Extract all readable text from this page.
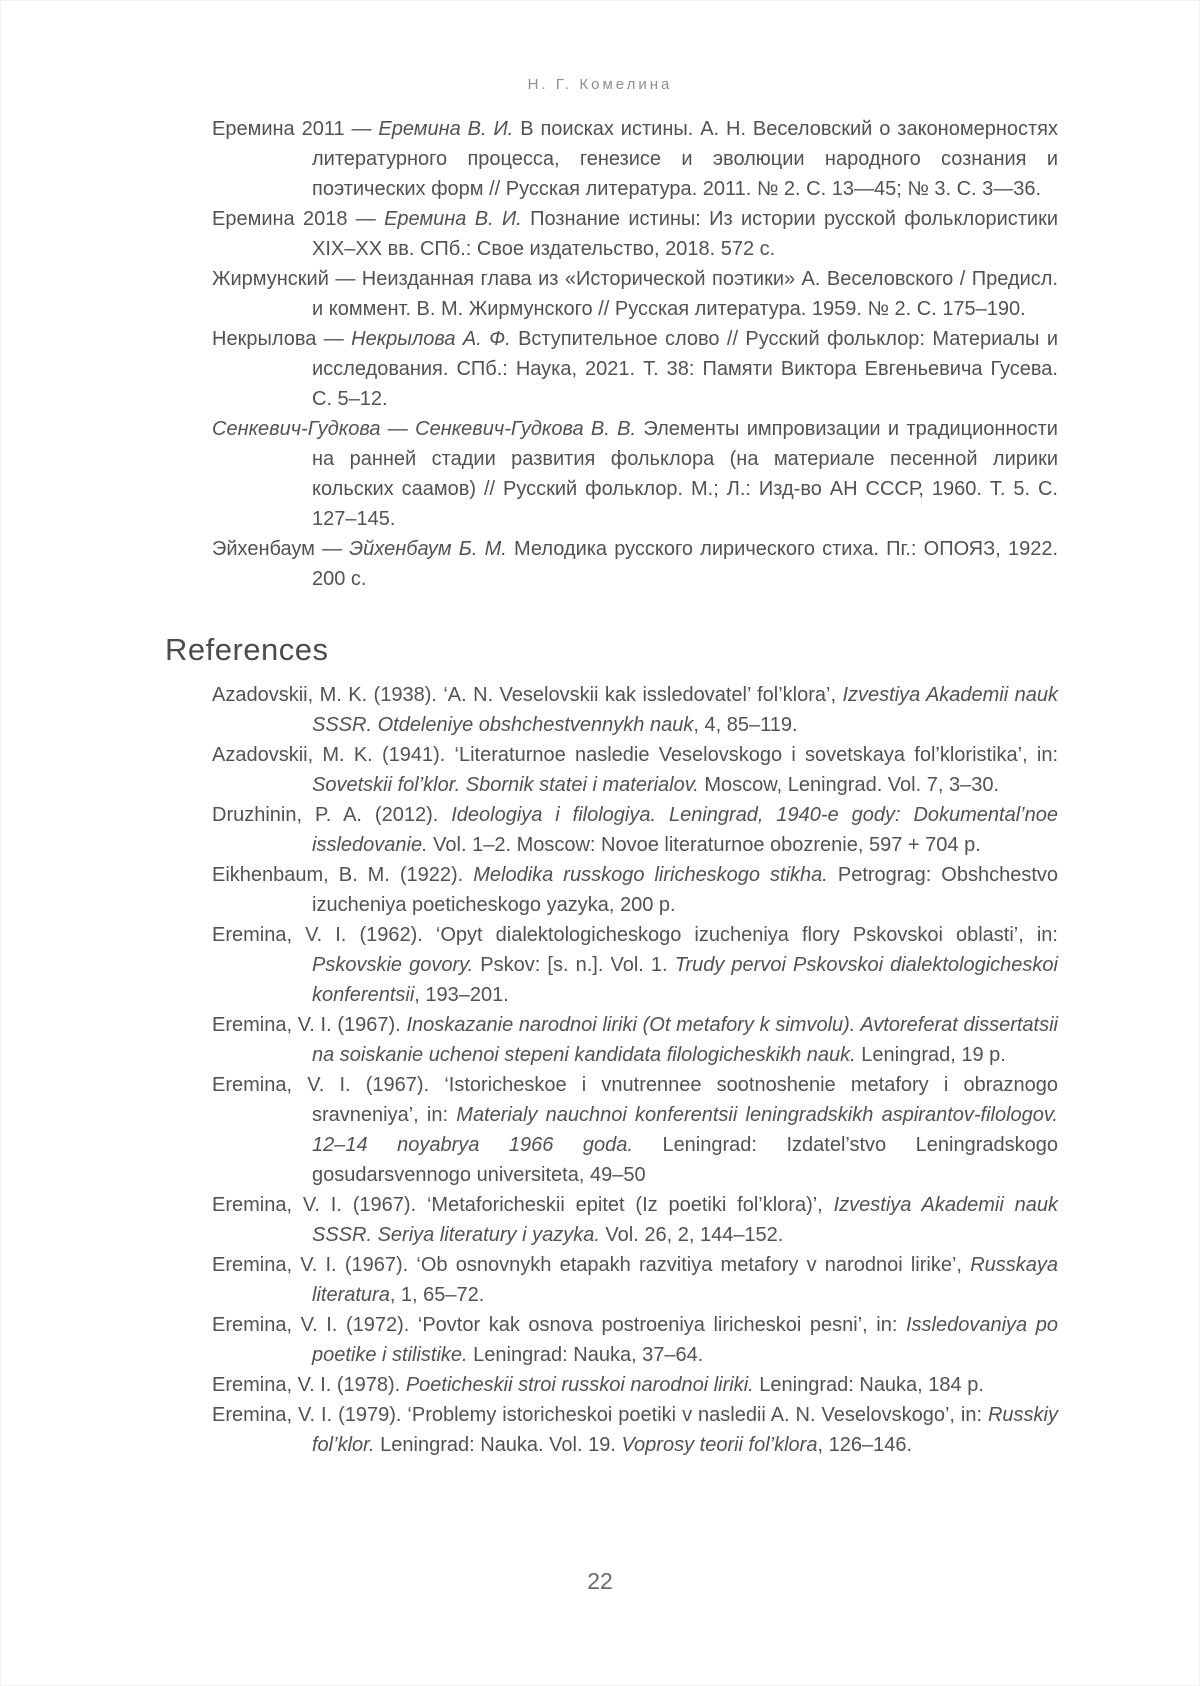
Н. Г. Комелина

Еремина 2011 — Еремина В. И. В поисках истины. А. Н. Веселовский о закономерностях литературного процесса, генезисе и эволюции народного сознания и поэтических форм // Русская литература. 2011. № 2. С. 13—45; № 3. С. 3—36.

Еремина 2018 — Еремина В. И. Познание истины: Из истории русской фольклористики XIX–XX вв. СПб.: Свое издательство, 2018. 572 с.

Жирмунский — Неизданная глава из «Исторической поэтики» А. Веселовского / Предисл. и коммент. В. М. Жирмунского // Русская литература. 1959. № 2. С. 175–190.

Некрылова — Некрылова А. Ф. Вступительное слово // Русский фольклор: Материалы и исследования. СПб.: Наука, 2021. Т. 38: Памяти Виктора Евгеньевича Гусева. С. 5–12.

Сенкевич-Гудкова — Сенкевич-Гудкова В. В. Элементы импровизации и традиционности на ранней стадии развития фольклора (на материале песенной лирики кольских саамов) // Русский фольклор. М.; Л.: Изд-во АН СССР, 1960. Т. 5. С. 127–145.

Эйхенбаум — Эйхенбаум Б. М. Мелодика русского лирического стиха. Пг.: ОПОЯЗ, 1922. 200 с.

References

Azadovskii, M. K. (1938). ‘A. N. Veselovskii kak issledovatel’ fol’klora’, Izvestiya Akademii nauk SSSR. Otdeleniye obshchestvennykh nauk, 4, 85–119.

Azadovskii, M. K. (1941). ‘Literaturnoe nasledie Veselovskogo i sovetskaya fol’kloristika’, in: Sovetskii fol’klor. Sbornik statei i materialov. Moscow, Leningrad. Vol. 7, 3–30.

Druzhinin, P. A. (2012). Ideologiya i filologiya. Leningrad, 1940-e gody: Dokumental’noe issledovanie. Vol. 1–2. Moscow: Novoe literaturnoe obozrenie, 597 + 704 p.

Eikhenbaum, B. M. (1922). Melodika russkogo liricheskogo stikha. Petrograg: Obshchestvo izucheniya poeticheskogo yazyka, 200 p.

Eremina, V. I. (1962). ‘Opyt dialektologicheskogo izucheniya flory Pskovskoi oblasti’, in: Pskovskie govory. Pskov: [s. n.]. Vol. 1. Trudy pervoi Pskovskoi dialektologicheskoi konferentsii, 193–201.

Eremina, V. I. (1967). Inoskazanie narodnoi liriki (Ot metafory k simvolu). Avtoreferat dissertatsii na soiskanie uchenoi stepeni kandidata filologicheskikh nauk. Leningrad, 19 p.

Eremina, V. I. (1967). ‘Istoricheskoe i vnutrennee sootnoshenie metafory i obraznogo sravneniya’, in: Materialy nauchnoi konferentsii leningradskikh aspirantov-filologov. 12–14 noyabrya 1966 goda. Leningrad: Izdatel’stvo Leningradskogo gosudarsvennogo universiteta, 49–50

Eremina, V. I. (1967). ‘Metaforicheskii epitet (Iz poetiki fol’klora)’, Izvestiya Akademii nauk SSSR. Seriya literatury i yazyka. Vol. 26, 2, 144–152.

Eremina, V. I. (1967). ‘Ob osnovnykh etapakh razvitiya metafory v narodnoi lirike’, Russkaya literatura, 1, 65–72.

Eremina, V. I. (1972). ‘Povtor kak osnova postroeniya liricheskoi pesni’, in: Issledovaniya po poetike i stilistike. Leningrad: Nauka, 37–64.

Eremina, V. I. (1978). Poeticheskii stroi russkoi narodnoi liriki. Leningrad: Nauka, 184 p.

Eremina, V. I. (1979). ‘Problemy istoricheskoi poetiki v nasledii A. N. Veselovskogo’, in: Russkiy fol’klor. Leningrad: Nauka. Vol. 19. Voprosy teorii fol’klora, 126–146.

22
